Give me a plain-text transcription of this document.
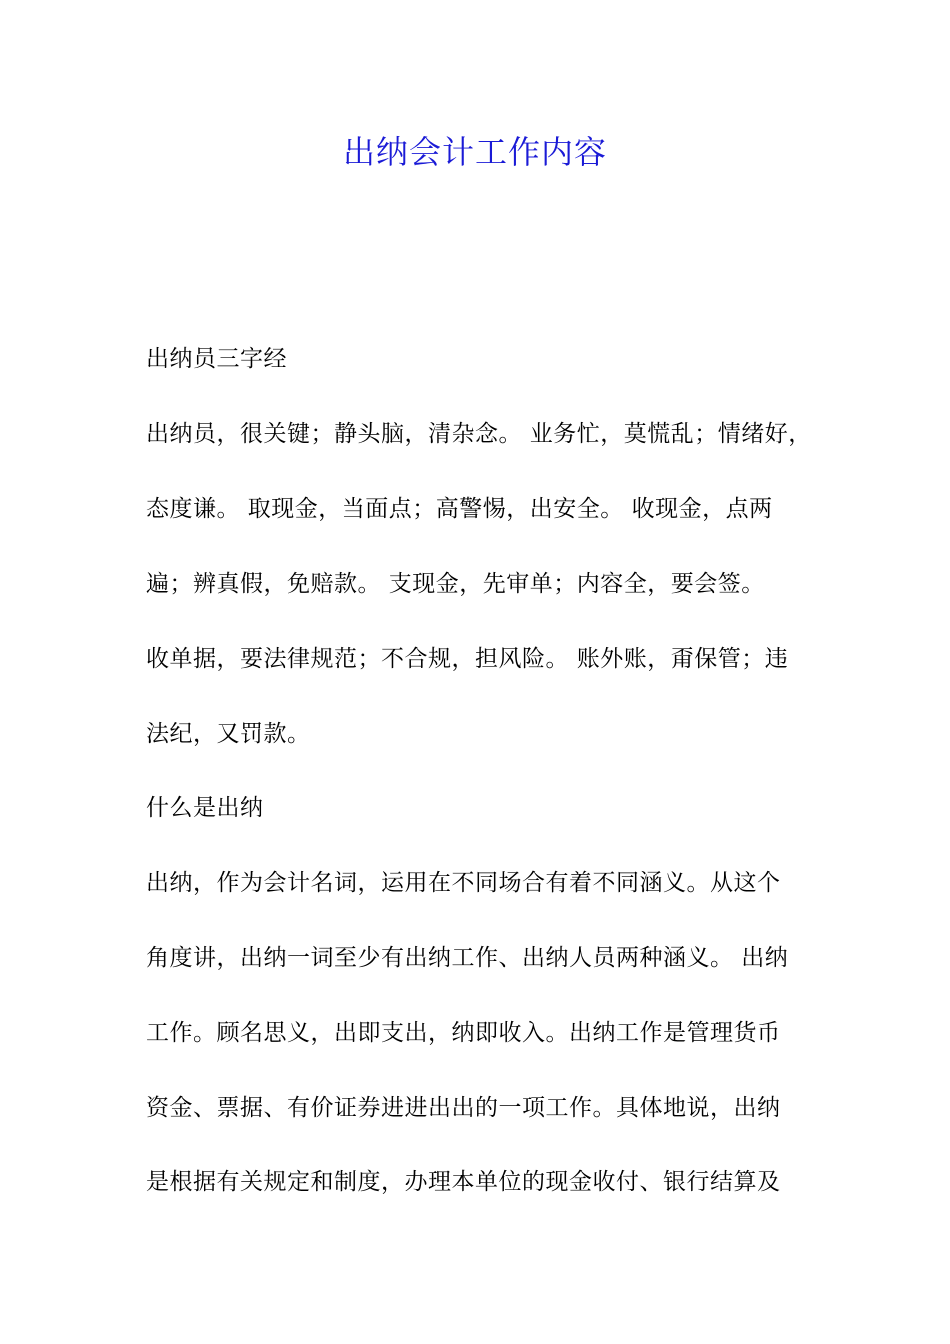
出纳会计工作内容
出纳员三字经
出纳员，很关键；静头脑，清杂念。 业务忙，莫慌乱；情绪好，
态度谦。 取现金，当面点；高警惕，出安全。 收现金，点两
遍；辨真假，免赔款。 支现金，先审单；内容全，要会签。
收单据，要法律规范；不合规，担风险。 账外账，甭保管；违
法纪，又罚款。
什么是出纳
出纳，作为会计名词，运用在不同场合有着不同涵义。从这个
角度讲，出纳一词至少有出纳工作、出纳人员两种涵义。 出纳
工作。顾名思义，出即支出，纳即收入。出纳工作是管理货币
资金、票据、有价证券进进出出的一项工作。具体地说，出纳
是根据有关规定和制度，办理本单位的现金收付、银行结算及
